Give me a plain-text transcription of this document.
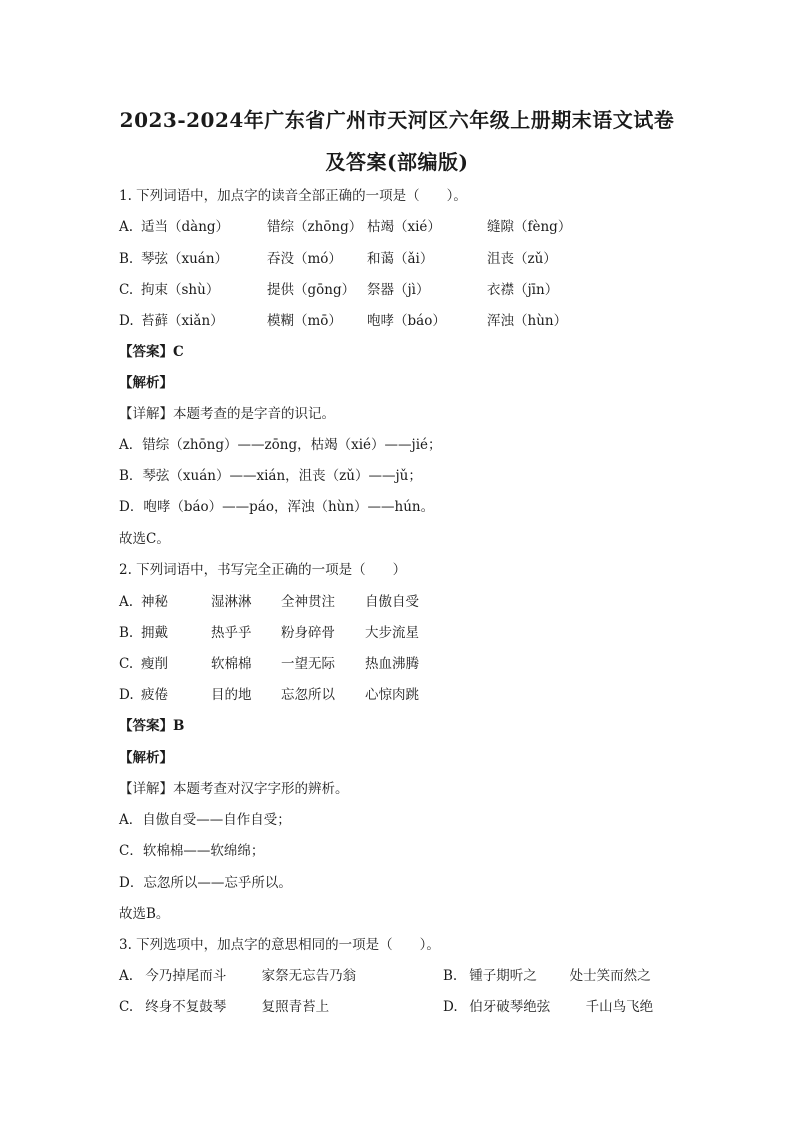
2023-2024年广东省广州市天河区六年级上册期末语文试卷
及答案(部编版)
1. 下列词语中，加点字的读音全部正确的一项是（　　）。
A. 适当（dàng）	错综（zhōng） 枯竭（xié）	缝隙（fèng）
B. 琴弦（xuán）	吞没（mó）	和蔼（ǎi）	沮丧（zǔ）
C. 拘束（shù）	提供（gōng） 祭器（jì）	衣襟（jīn）
D. 苔藓（xiǎn）	模糊（mō）	咆哮（báo）	浑浊（hùn）
【答案】C
【解析】
【详解】本题考查的是字音的识记。
A．错综（zhōng）——zōng，枯竭（xié）——jié；
B．琴弦（xuán）——xián，沮丧（zǔ）——jǔ；
D．咆哮（báo）——páo，浑浊（hùn）——hún。
故选C。
2. 下列词语中，书写完全正确的一项是（　　）
A. 神秘	湿淋淋	全神贯注	自傲自受
B. 拥戴	热乎乎	粉身碎骨	大步流星
C. 瘦削	软棉棉	一望无际	热血沸腾
D. 疲倦	目的地	忘忽所以	心惊肉跳
【答案】B
【解析】
【详解】本题考查对汉字字形的辨析。
A．自傲自受——自作自受；
C．软棉棉——软绵绵；
D．忘忽所以——忘乎所以。
故选B。
3. 下列选项中，加点字的意思相同的一项是（　　）。
A. 今乃掉尾而斗	家祭无忘告乃翁	B. 锺子期听之 处士笑而然之
C. 终身不复鼓琴	复照青苔上	D. 伯牙破琴绝弦	千山鸟飞绝
